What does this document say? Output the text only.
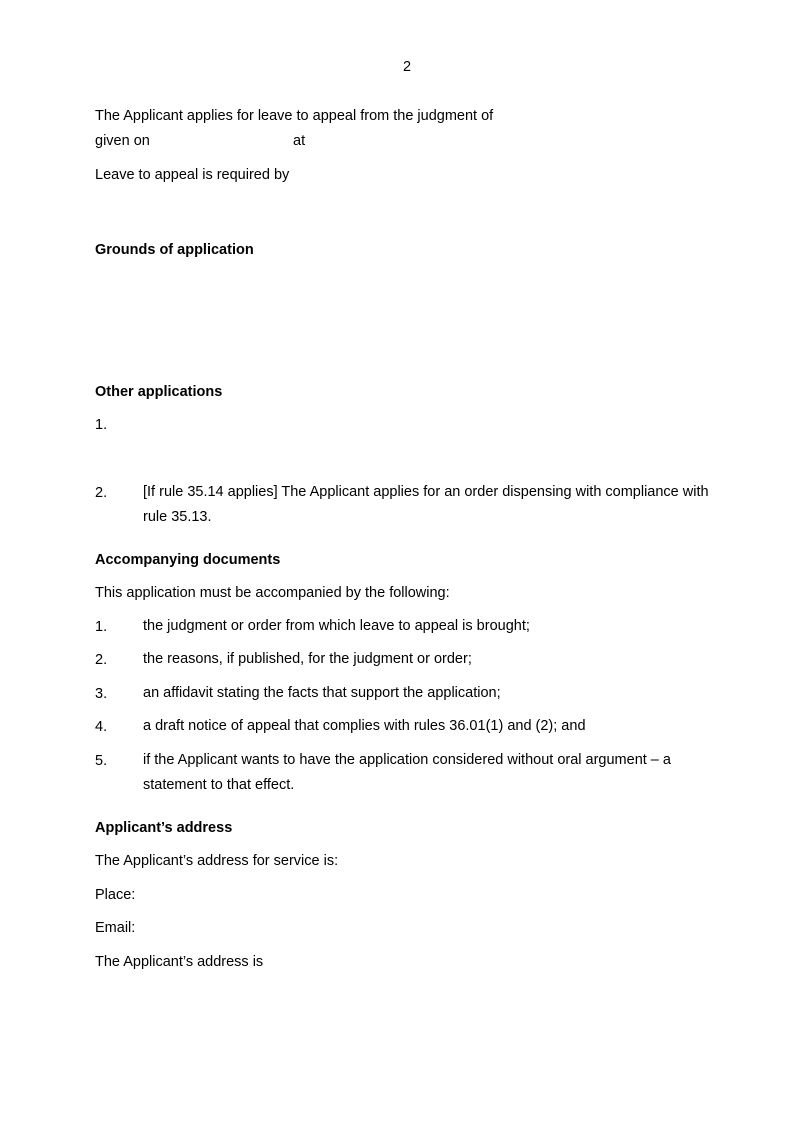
2
The Applicant applies for leave to appeal from the judgment of
given on	at
Leave to appeal is required by
Grounds of application
Other applications
1.
2. [If rule 35.14 applies] The Applicant applies for an order dispensing with compliance with
rule 35.13.
Accompanying documents
This application must be accompanied by the following:
1. the judgment or order from which leave to appeal is brought;
2. the reasons, if published, for the judgment or order;
3. an affidavit stating the facts that support the application;
4. a draft notice of appeal that complies with rules 36.01(1) and (2); and
5. if the Applicant wants to have the application considered without oral argument – a
statement to that effect.
Applicant’s address
The Applicant’s address for service is:
Place:
Email:
The Applicant’s address is
